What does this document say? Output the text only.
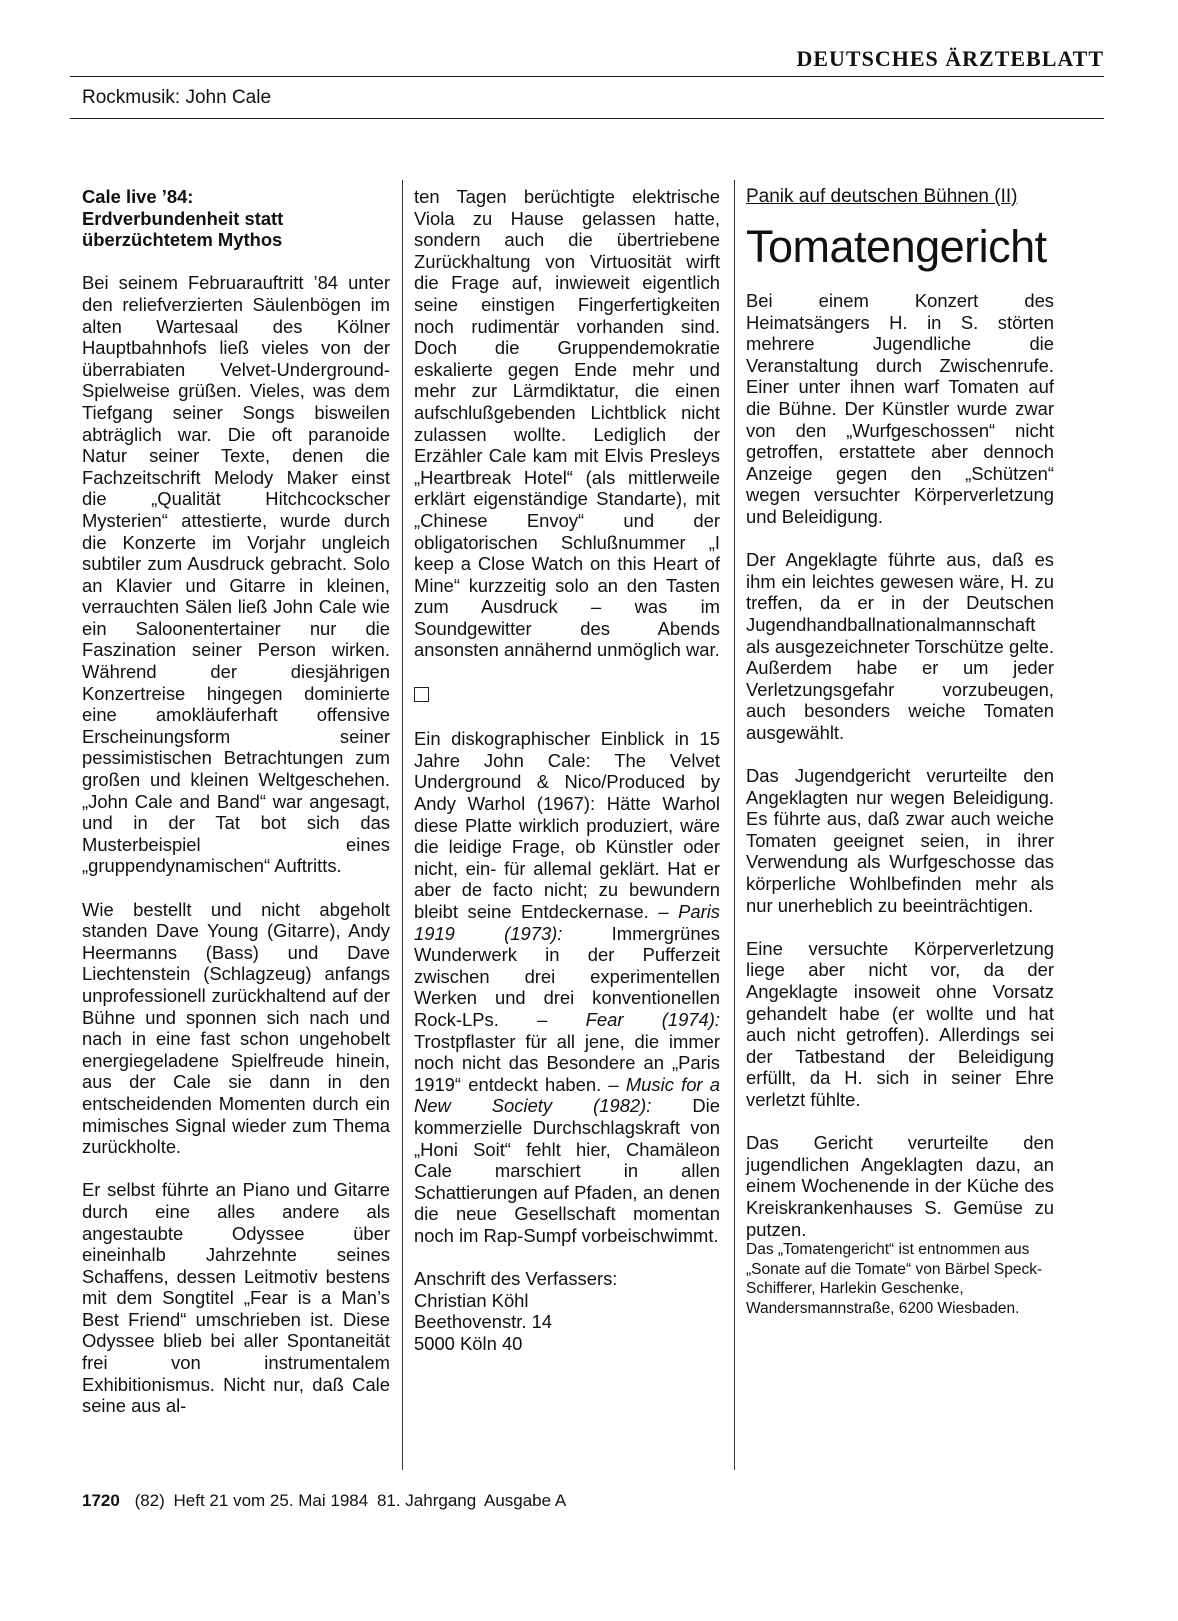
DEUTSCHES ÄRZTEBLATT
Rockmusik: John Cale
Cale live ’84:
Erdverbundenheit statt
überzüchtetem Mythos

Bei seinem Februarauftritt ’84 unter den reliefverzierten Säulenbögen im alten Wartesaal des Kölner Hauptbahnhofs ließ vieles von der überrabiaten Velvet-Underground-Spielweise grüßen. Vieles, was dem Tiefgang seiner Songs bisweilen abträglich war. Die oft paranoide Natur seiner Texte, denen die Fachzeitschrift Melody Maker einst die „Qualität Hitchcockscher Mysterien“ attestierte, wurde durch die Konzerte im Vorjahr ungleich subtiler zum Ausdruck gebracht. Solo an Klavier und Gitarre in kleinen, verrauchten Sälen ließ John Cale wie ein Saloonentertainer nur die Faszination seiner Person wirken. Während der diesjährigen Konzertreise hingegen dominierte eine amokläuferhaft offensive Erscheinungsform seiner pessimistischen Betrachtungen zum großen und kleinen Weltgeschehen. „John Cale and Band“ war angesagt, und in der Tat bot sich das Musterbeispiel eines „gruppendynamischen“ Auftritts.

Wie bestellt und nicht abgeholt standen Dave Young (Gitarre), Andy Heermanns (Bass) und Dave Liechtenstein (Schlagzeug) anfangs unprofessionell zurückhaltend auf der Bühne und sponnen sich nach und nach in eine fast schon ungehobelt energiegeladene Spielfreude hinein, aus der Cale sie dann in den entscheidenden Momenten durch ein mimisches Signal wieder zum Thema zurückholte.

Er selbst führte an Piano und Gitarre durch eine alles andere als angestaubte Odyssee über eineinhalb Jahrzehnte seines Schaffens, dessen Leitmotiv bestens mit dem Songtitel „Fear is a Man’s Best Friend“ umschrieben ist. Diese Odyssee blieb bei aller Spontaneität frei von instrumentalem Exhibitionismus. Nicht nur, daß Cale seine aus al-

ten Tagen berüchtigte elektrische Viola zu Hause gelassen hatte, sondern auch die übertriebene Zurückhaltung von Virtuosität wirft die Frage auf, inwieweit eigentlich seine einstigen Fingerfertigkeiten noch rudimentär vorhanden sind. Doch die Gruppendemokratie eskalierte gegen Ende mehr und mehr zur Lärmdiktatur, die einen aufschlußgebenden Lichtblick nicht zulassen wollte. Lediglich der Erzähler Cale kam mit Elvis Presleys „Heartbreak Hotel“ (als mittlerweile erklärt eigenständige Standarte), mit „Chinese Envoy“ und der obligatorischen Schlußnummer „I keep a Close Watch on this Heart of Mine“ kurzzeitig solo an den Tasten zum Ausdruck – was im Soundgewitter des Abends ansonsten annähernd unmöglich war.

Ein diskographischer Einblick in 15 Jahre John Cale: The Velvet Underground & Nico/Produced by Andy Warhol (1967): Hätte Warhol diese Platte wirklich produziert, wäre die leidige Frage, ob Künstler oder nicht, ein- für allemal geklärt. Hat er aber de facto nicht; zu bewundern bleibt seine Entdeckernase. – Paris 1919 (1973): Immergrünes Wunderwerk in der Pufferzeit zwischen drei experimentellen Werken und drei konventionellen Rock-LPs. – Fear (1974): Trostpflaster für all jene, die immer noch nicht das Besondere an „Paris 1919“ entdeckt haben. – Music for a New Society (1982): Die kommerzielle Durchschlagskraft von „Honi Soit“ fehlt hier, Chamäleon Cale marschiert in allen Schattierungen auf Pfaden, an denen die neue Gesellschaft momentan noch im Rap-Sumpf vorbeischwimmt.

Anschrift des Verfassers:
Christian Köhl
Beethovenstr. 14
5000 Köln 40

Panik auf deutschen Bühnen (II)

Tomatengericht

Bei einem Konzert des Heimatsängers H. in S. störten mehrere Jugendliche die Veranstaltung durch Zwischenrufe. Einer unter ihnen warf Tomaten auf die Bühne. Der Künstler wurde zwar von den „Wurfgeschossen“ nicht getroffen, erstattete aber dennoch Anzeige gegen den „Schützen“ wegen versuchter Körperverletzung und Beleidigung.

Der Angeklagte führte aus, daß es ihm ein leichtes gewesen wäre, H. zu treffen, da er in der Deutschen Jugendhandballnationalmannschaft als ausgezeichneter Torschütze gelte. Außerdem habe er um jeder Verletzungsgefahr vorzubeugen, auch besonders weiche Tomaten ausgewählt.

Das Jugendgericht verurteilte den Angeklagten nur wegen Beleidigung. Es führte aus, daß zwar auch weiche Tomaten geeignet seien, in ihrer Verwendung als Wurfgeschosse das körperliche Wohlbefinden mehr als nur unerheblich zu beeinträchtigen.

Eine versuchte Körperverletzung liege aber nicht vor, da der Angeklagte insoweit ohne Vorsatz gehandelt habe (er wollte und hat auch nicht getroffen). Allerdings sei der Tatbestand der Beleidigung erfüllt, da H. sich in seiner Ehre verletzt fühlte.

Das Gericht verurteilte den jugendlichen Angeklagten dazu, an einem Wochenende in der Küche des Kreiskrankenhauses S. Gemüse zu putzen.

Das „Tomatengericht“ ist entnommen aus „Sonate auf die Tomate“ von Bärbel Speck-Schifferer, Harlekin Geschenke, Wandersmannstraße, 6200 Wiesbaden.

1720 (82) Heft 21 vom 25. Mai 1984 81. Jahrgang Ausgabe A
